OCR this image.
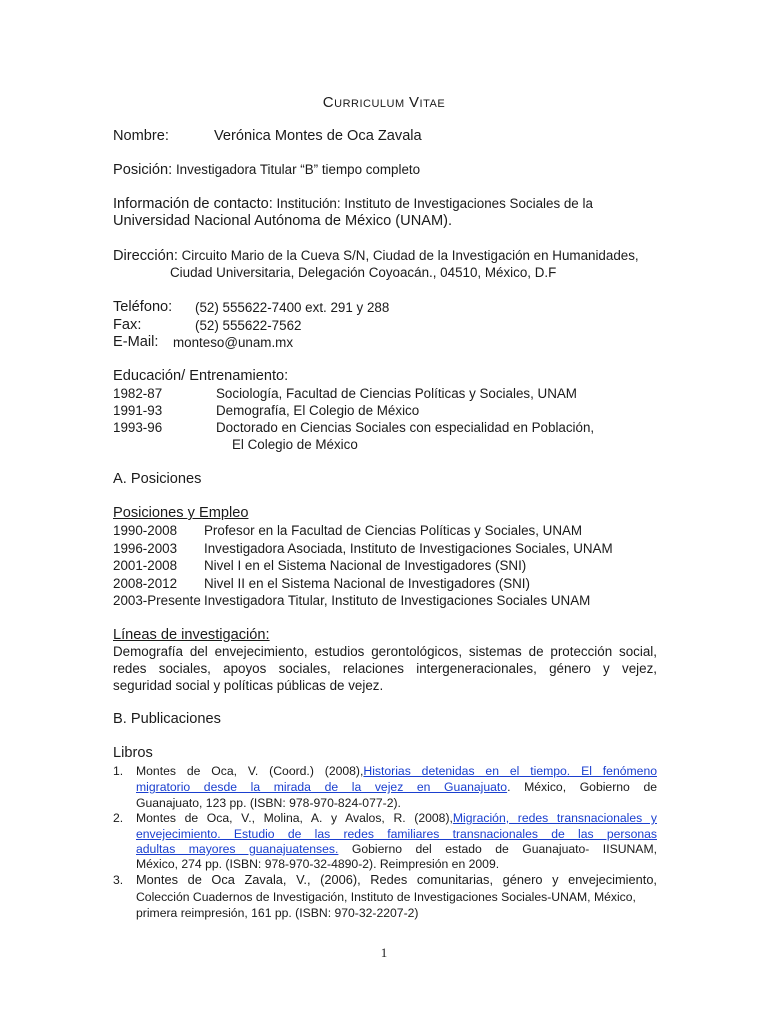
CURRICULUM VITAE
Nombre:	Verónica Montes de Oca Zavala
Posición: Investigadora Titular “B” tiempo completo
Información de contacto: Institución: Instituto de Investigaciones Sociales de la
Universidad Nacional Autónoma de México (UNAM).
Dirección: Circuito Mario de la Cueva S/N, Ciudad de la Investigación en Humanidades,
Ciudad Universitaria, Delegación Coyoacán., 04510, México, D.F
Teléfono: (52) 555622-7400 ext. 291 y 288
Fax:	(52) 555622-7562
E-Mail: monteso@unam.mx
Educación/ Entrenamiento:
1982-87	Sociología, Facultad de Ciencias Políticas y Sociales, UNAM
1991-93	Demografía, El Colegio de México
1993-96	Doctorado en Ciencias Sociales con especialidad en Población,
El Colegio de México
A. Posiciones
Posiciones y Empleo
1990-2008 Profesor en la Facultad de Ciencias Políticas y Sociales, UNAM
1996-2003 Investigadora Asociada, Instituto de Investigaciones Sociales, UNAM
2001-2008 Nivel I en el Sistema Nacional de Investigadores (SNI)
2008-2012 Nivel II en el Sistema Nacional de Investigadores (SNI)
2003-Presente Investigadora Titular, Instituto de Investigaciones Sociales UNAM
Líneas de investigación:
Demografía del envejecimiento, estudios gerontológicos, sistemas de protección social,
redes sociales, apoyos sociales, relaciones intergeneracionales, género y vejez,
seguridad social y políticas públicas de vejez.
B. Publicaciones
Libros
1. Montes de Oca, V. (Coord.) (2008),Historias detenidas en el tiempo. El fenómeno
migratorio desde la mirada de la vejez en Guanajuato. México, Gobierno de
Guanajuato, 123 pp. (ISBN: 978-970-824-077-2).
2. Montes de Oca, V., Molina, A. y Avalos, R. (2008),Migración, redes transnacionales y
envejecimiento. Estudio de las redes familiares transnacionales de las personas
adultas mayores guanajuatenses. Gobierno del estado de Guanajuato- IISUNAM,
México, 274 pp. (ISBN: 978-970-32-4890-2). Reimpresión en 2009.
3. Montes de Oca Zavala, V., (2006), Redes comunitarias, género y envejecimiento,
Colección Cuadernos de Investigación, Instituto de Investigaciones Sociales-UNAM, México,
primera reimpresión, 161 pp. (ISBN: 970-32-2207-2)
1
